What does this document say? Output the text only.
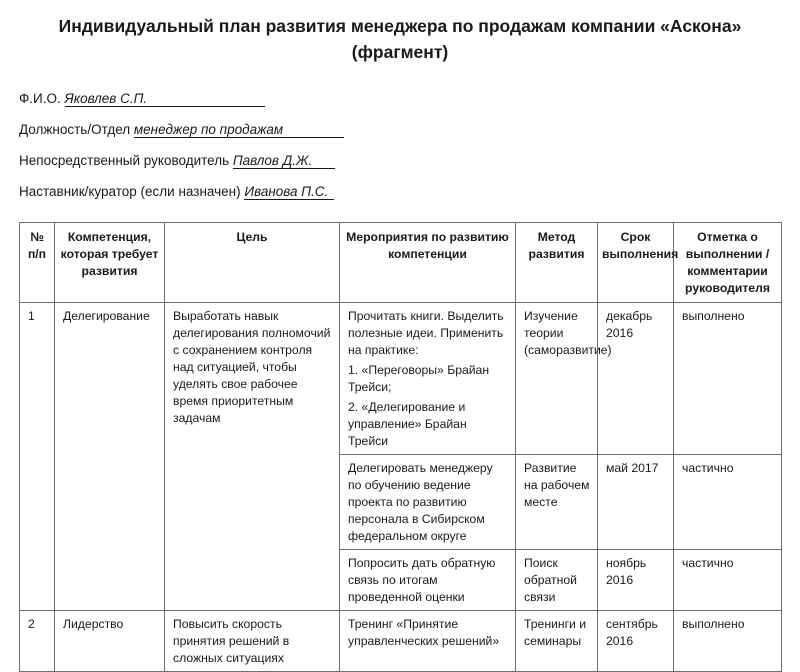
Индивидуальный план развития менеджера по продажам компании «Аскона»
(фрагмент)
Ф.И.О. Яковлев С.П.
Должность/Отдел менеджер по продажам
Непосредственный руководитель Павлов Д.Ж.
Наставник/куратор (если назначен) Иванова П.С.
№ п/п	Компетенция, которая требует развития	Цель	Мероприятия по развитию компетенции	Метод развития	Срок выполнения	Отметка о выполнении / комментарии руководителя
1	Делегирование	Выработать навык делегирования полномочий с сохранением контроля над ситуацией, чтобы уделять свое рабочее время приоритетным задачам	Прочитать книги. Выделить полезные идеи. Применить на практике:

1. «Переговоры» Брайан Трейси;

2. «Делегирование и управление» Брайан Трейси	Изучение теории (саморазвитие)	декабрь 2016	выполнено
			Делегировать менеджеру по обучению ведение проекта по развитию персонала в Сибирском федеральном округе	Развитие на рабочем месте	май 2017	частично
			Попросить дать обратную связь по итогам проведенной оценки	Поиск обратной связи	ноябрь 2016	частично
2	Лидерство	Повысить скорость принятия решений в сложных ситуациях	Тренинг «Принятие управленческих решений»	Тренинги и семинары	сентябрь 2016	выполнено
